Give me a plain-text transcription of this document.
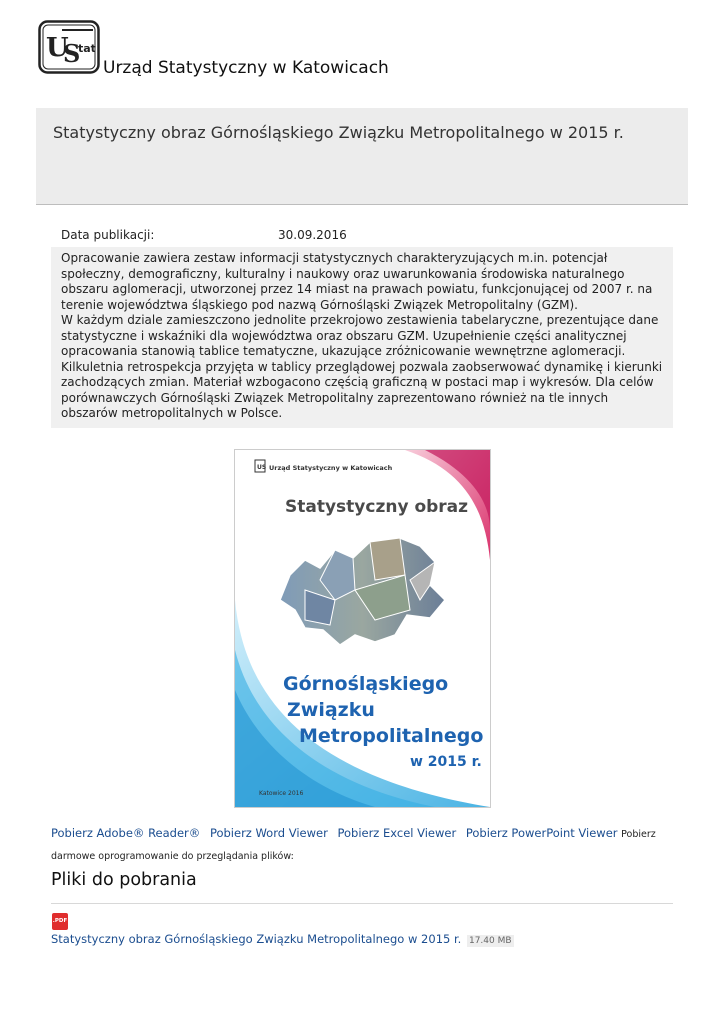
U
S
tat
Urząd Statystyczny w Katowicach
Statystyczny obraz Górnośląskiego Związku Metropolitalnego w 2015 r.
Data publikacji:	30.09.2016
Opracowanie zawiera zestaw informacji statystycznych charakteryzujących m.in. potencjał społeczny, demograficzny, kulturalny i naukowy oraz uwarunkowania środowiska naturalnego obszaru aglomeracji, utworzonej przez 14 miast na prawach powiatu, funkcjonującej od 2007 r. na terenie województwa śląskiego pod nazwą Górnośląski Związek Metropolitalny (GZM).
W każdym dziale zamieszczono jednolite przekrojowo zestawienia tabelaryczne, prezentujące dane statystyczne i wskaźniki dla województwa oraz obszaru GZM. Uzupełnienie części analitycznej opracowania stanowią tablice tematyczne, ukazujące zróżnicowanie wewnętrzne aglomeracji. Kilkuletnia retrospekcja przyjęta w tablicy przeglądowej pozwala zaobserwować dynamikę i kierunki zachodzących zmian. Materiał wzbogacono częścią graficzną w postaci map i wykresów. Dla celów porównawczych Górnośląski Związek Metropolitalny zaprezentowano również na tle innych obszarów metropolitalnych w Polsce.
US Urząd Statystyczny w Katowicach
Statystyczny obraz
Górnośląskiego
Związku
Metropolitalnego
w 2015 r.
Katowice 2016
Pobierz Adobe® Reader® Pobierz Word Viewer Pobierz Excel Viewer Pobierz PowerPoint Viewer Pobierz darmowe oprogramowanie do przeglądania plików:
Pliki do pobrania
.PDF
Statystyczny obraz Górnośląskiego Związku Metropolitalnego w 2015 r. 17.40 MB
